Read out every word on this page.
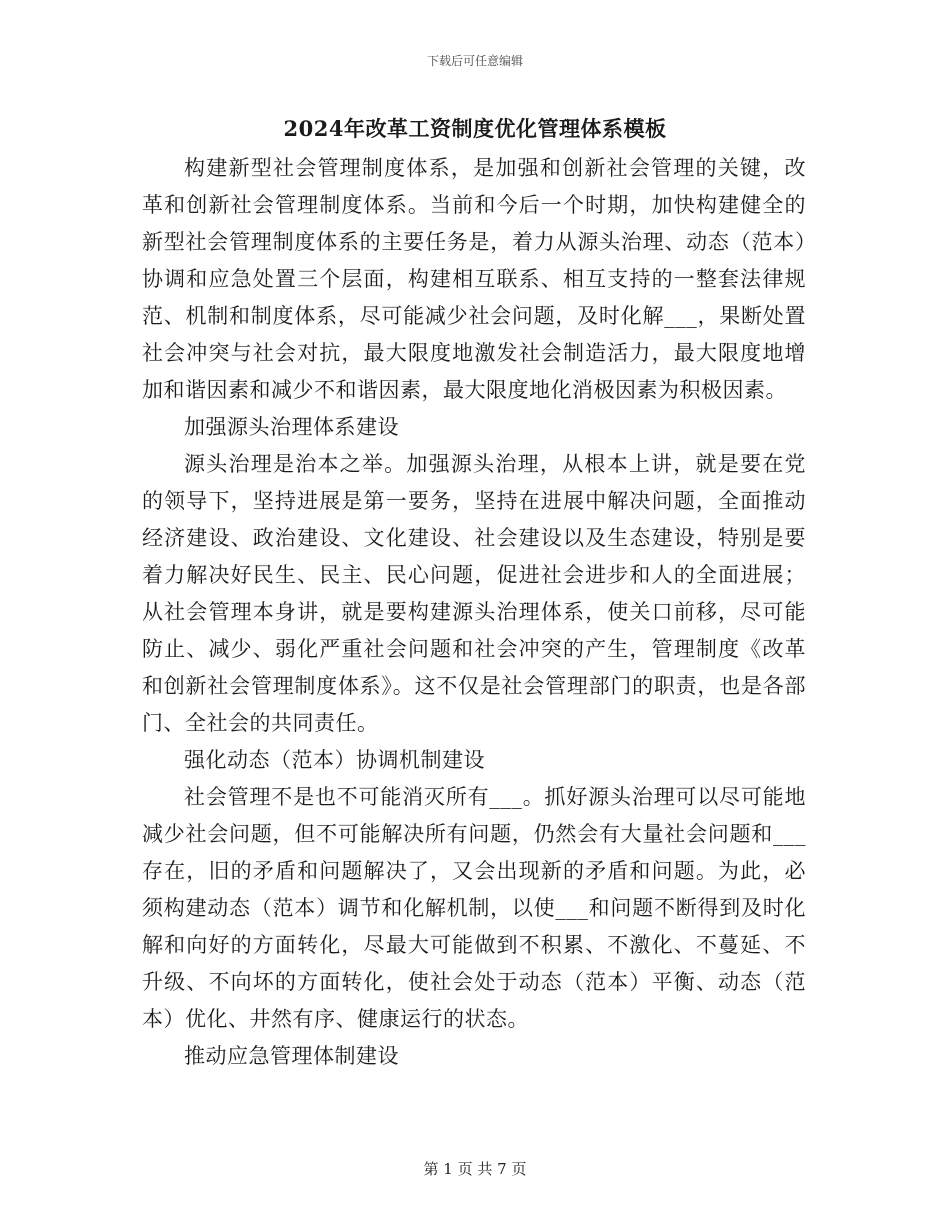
下载后可任意编辑
2024年改革工资制度优化管理体系模板

构建新型社会管理制度体系，是加强和创新社会管理的关键，改革和创新社会管理制度体系。当前和今后一个时期，加快构建健全的新型社会管理制度体系的主要任务是，着力从源头治理、动态（范本）协调和应急处置三个层面，构建相互联系、相互支持的一整套法律规范、机制和制度体系，尽可能减少社会问题，及时化解___，果断处置社会冲突与社会对抗，最大限度地激发社会制造活力，最大限度地增加和谐因素和减少不和谐因素，最大限度地化消极因素为积极因素。

加强源头治理体系建设

源头治理是治本之举。加强源头治理，从根本上讲，就是要在党的领导下，坚持进展是第一要务，坚持在进展中解决问题，全面推动经济建设、政治建设、文化建设、社会建设以及生态建设，特别是要着力解决好民生、民主、民心问题，促进社会进步和人的全面进展；从社会管理本身讲，就是要构建源头治理体系，使关口前移，尽可能防止、减少、弱化严重社会问题和社会冲突的产生，管理制度《改革和创新社会管理制度体系》。这不仅是社会管理部门的职责，也是各部门、全社会的共同责任。

强化动态（范本）协调机制建设

社会管理不是也不可能消灭所有___。抓好源头治理可以尽可能地减少社会问题，但不可能解决所有问题，仍然会有大量社会问题和___存在，旧的矛盾和问题解决了，又会出现新的矛盾和问题。为此，必须构建动态（范本）调节和化解机制，以使___和问题不断得到及时化解和向好的方面转化，尽最大可能做到不积累、不激化、不蔓延、不升级、不向坏的方面转化，使社会处于动态（范本）平衡、动态（范本）优化、井然有序、健康运行的状态。

推动应急管理体制建设

第 1 页 共 7 页
